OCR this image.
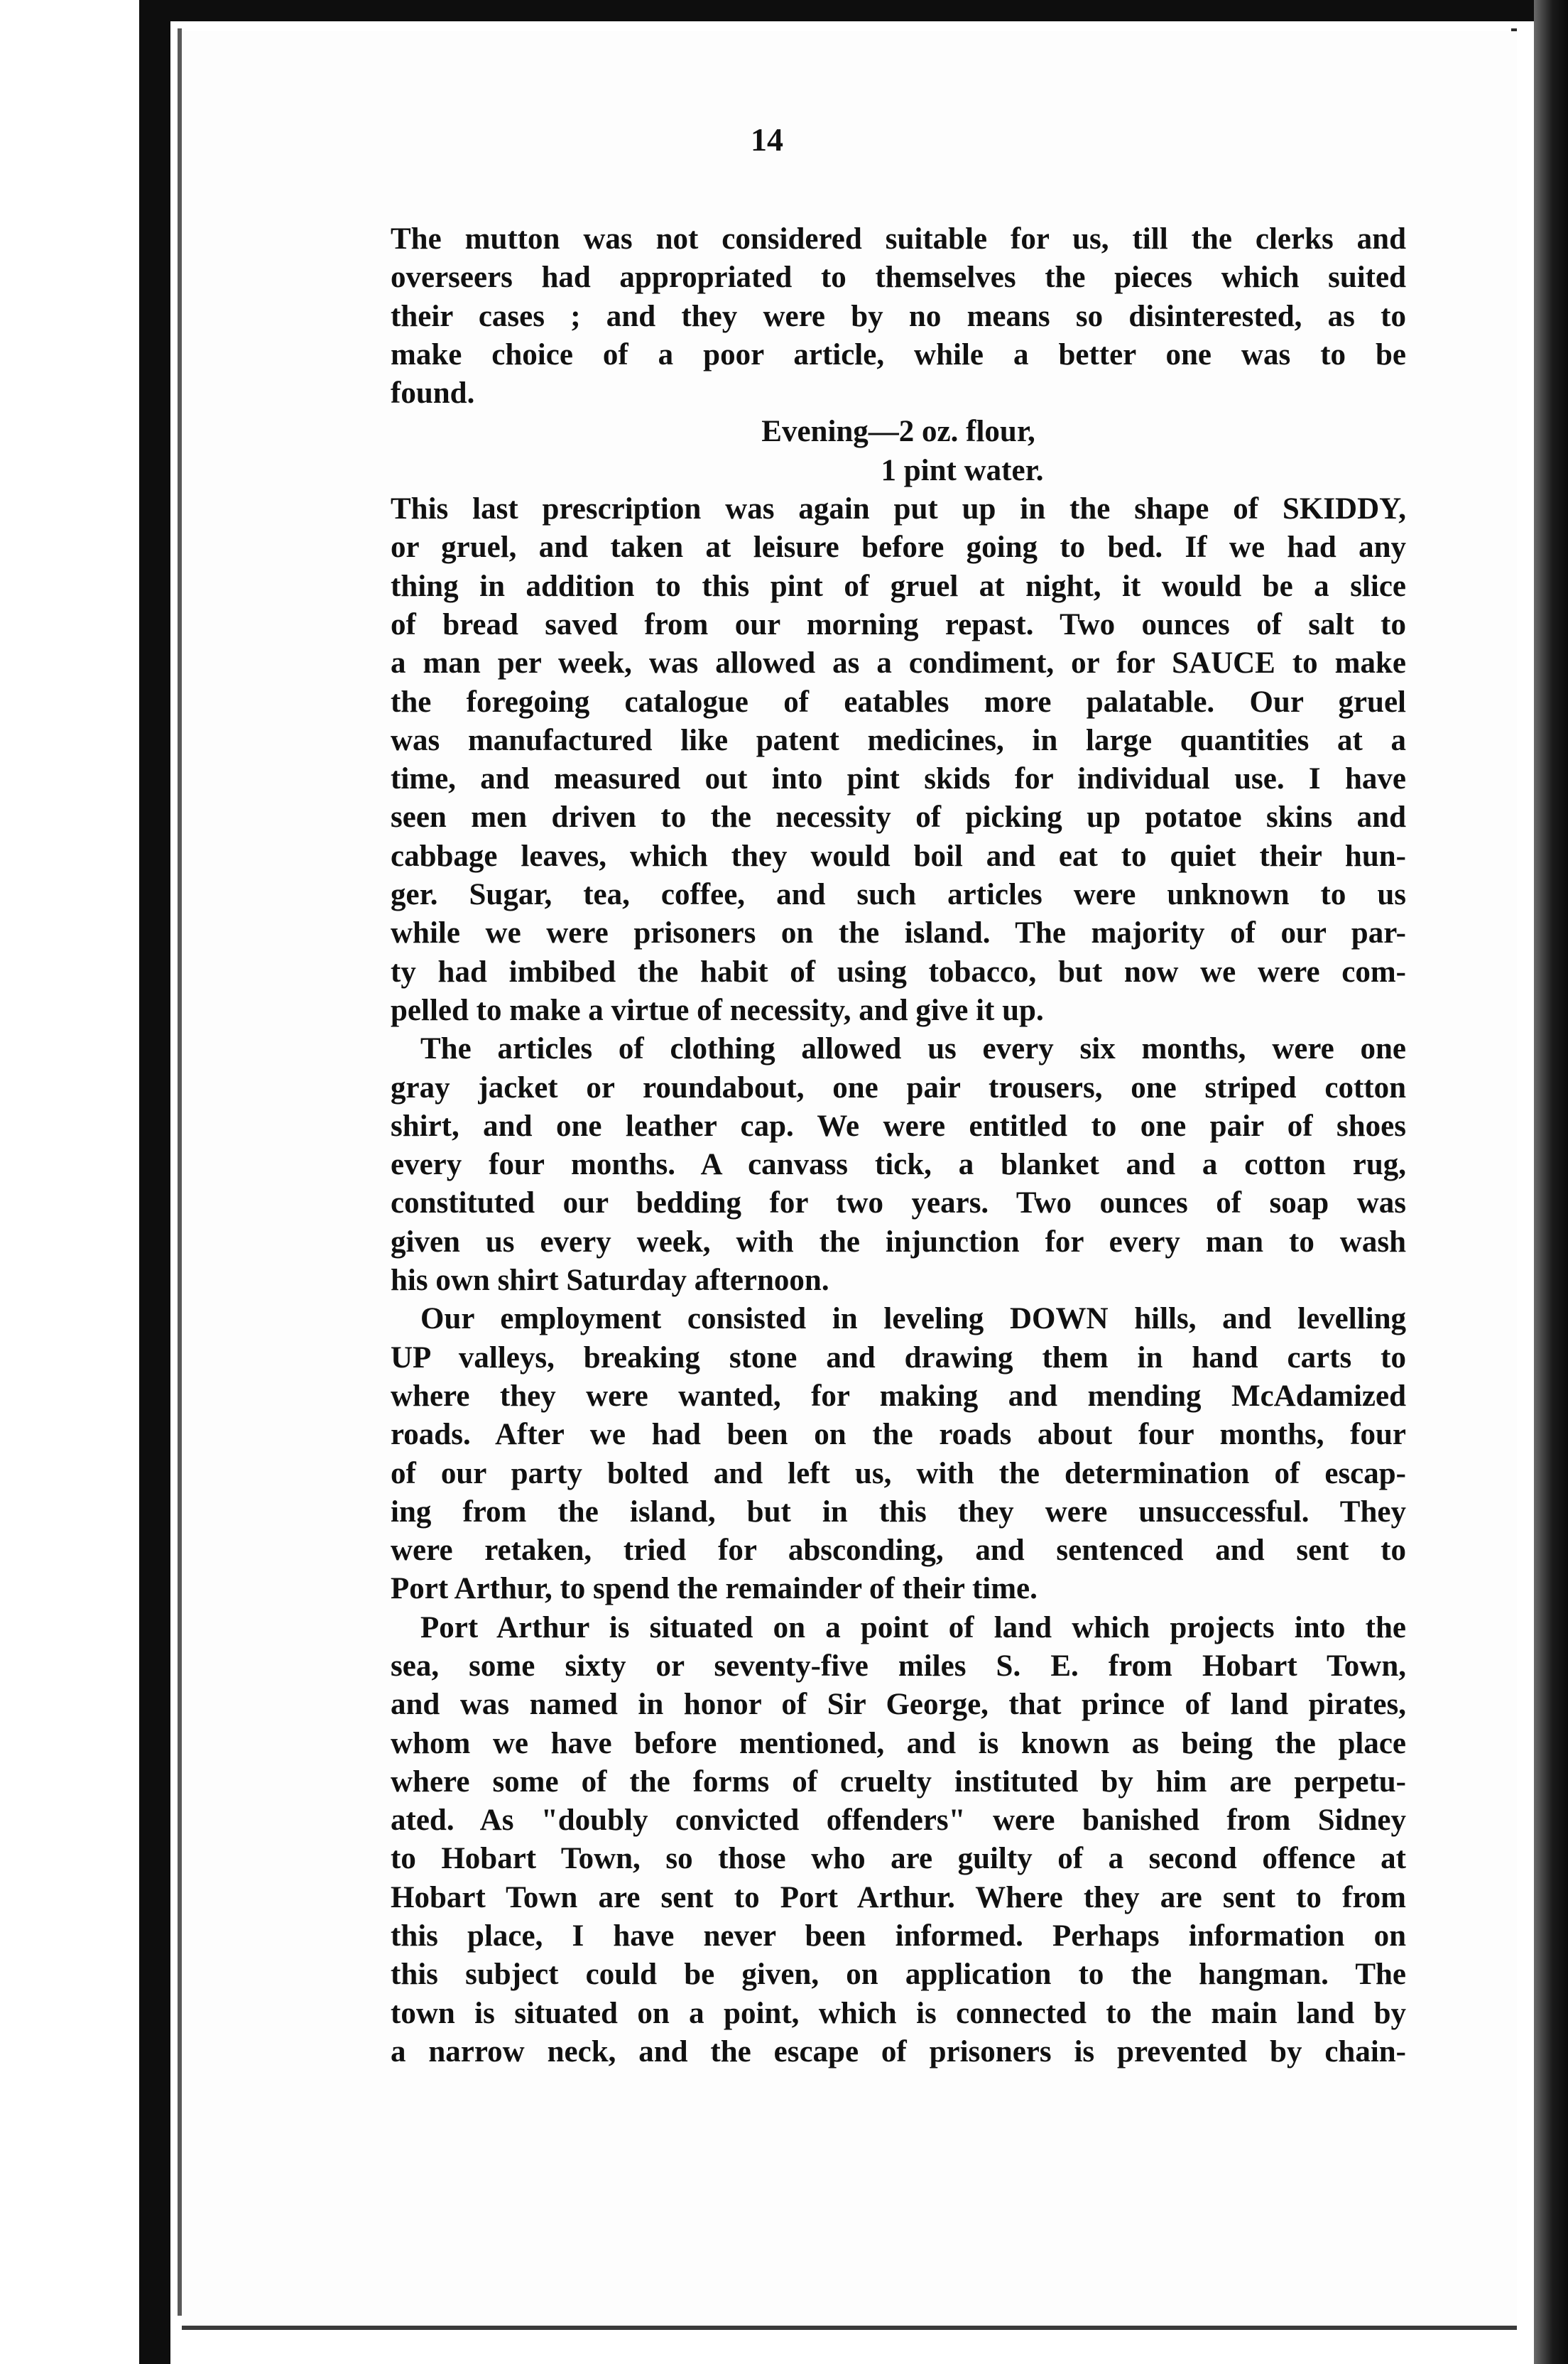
14
The mutton was not considered suitable for us, till the clerks and
overseers had appropriated to themselves the pieces which suited
their cases ; and they were by no means so disinterested, as to
make choice of a poor article, while a better one was to be
found.
Evening—2 oz. flour,
1 pint water.
This last prescription was again put up in the shape of SKIDDY,
or gruel, and taken at leisure before going to bed. If we had any
thing in addition to this pint of gruel at night, it would be a slice
of bread saved from our morning repast. Two ounces of salt to
a man per week, was allowed as a condiment, or for SAUCE to make
the foregoing catalogue of eatables more palatable. Our gruel
was manufactured like patent medicines, in large quantities at a
time, and measured out into pint skids for individual use. I have
seen men driven to the necessity of picking up potatoe skins and
cabbage leaves, which they would boil and eat to quiet their hun-
ger. Sugar, tea, coffee, and such articles were unknown to us
while we were prisoners on the island. The majority of our par-
ty had imbibed the habit of using tobacco, but now we were com-
pelled to make a virtue of necessity, and give it up.
The articles of clothing allowed us every six months, were one
gray jacket or roundabout, one pair trousers, one striped cotton
shirt, and one leather cap. We were entitled to one pair of shoes
every four months. A canvass tick, a blanket and a cotton rug,
constituted our bedding for two years. Two ounces of soap was
given us every week, with the injunction for every man to wash
his own shirt Saturday afternoon.
Our employment consisted in leveling DOWN hills, and levelling
UP valleys, breaking stone and drawing them in hand carts to
where they were wanted, for making and mending McAdamized
roads. After we had been on the roads about four months, four
of our party bolted and left us, with the determination of escap-
ing from the island, but in this they were unsuccessful. They
were retaken, tried for absconding, and sentenced and sent to
Port Arthur, to spend the remainder of their time.
Port Arthur is situated on a point of land which projects into the
sea, some sixty or seventy-five miles S. E. from Hobart Town,
and was named in honor of Sir George, that prince of land pirates,
whom we have before mentioned, and is known as being the place
where some of the forms of cruelty instituted by him are perpetu-
ated. As "doubly convicted offenders" were banished from Sidney
to Hobart Town, so those who are guilty of a second offence at
Hobart Town are sent to Port Arthur. Where they are sent to from
this place, I have never been informed. Perhaps information on
this subject could be given, on application to the hangman. The
town is situated on a point, which is connected to the main land by
a narrow neck, and the escape of prisoners is prevented by chain-
